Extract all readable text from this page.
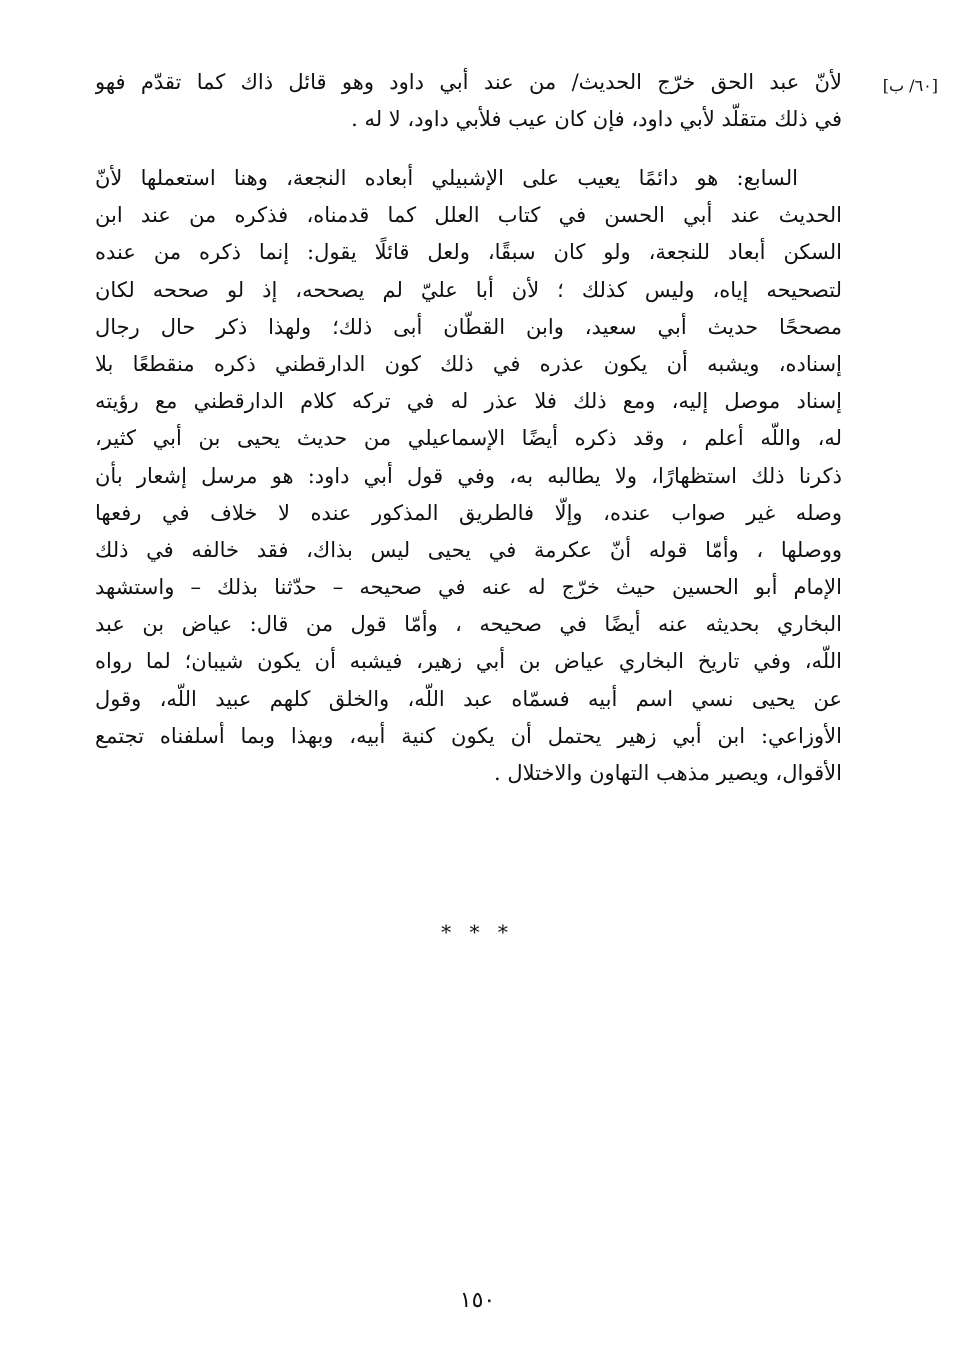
[٦٠/ ب]
لأنّ عبد الحق خرّج الحديث/ من عند أبي داود وهو قائل ذاك كما تقدّم فهو
في ذلك متقلّد لأبي داود، فإن كان عيب فلأبي داود، لا له .
السابع: هو دائمًا يعيب على الإشبيلي أبعاده النجعة، وهنا استعملها لأنّ
الحديث عند أبي الحسن في كتاب العلل كما قدمناه، فذكره من عند ابن
السكن أبعاد للنجعة، ولو كان سبقًا، ولعل قائلًا يقول: إنما ذكره من عنده
لتصحيحه إياه، وليس كذلك ؛ لأن أبا عليّ لم يصححه، إذ لو صححه لكان
مصححًا حديث أبي سعيد، وابن القطّان أبى ذلك؛ ولهذا ذكر حال رجال
إسناده، ويشبه أن يكون عذره في ذلك كون الدارقطني ذكره منقطعًا بلا
إسناد موصل إليه، ومع ذلك فلا عذر له في تركه كلام الدارقطني مع رؤيته
له، واللّه أعلم ، وقد ذكره أيضًا الإسماعيلي من حديث يحيى بن أبي كثير،
ذكرنا ذلك استظهارًا، ولا يطالبه به، وفي قول أبي داود: هو مرسل إشعار بأن
وصله غير صواب عنده، وإلّا فالطريق المذكور عنده لا خلاف في رفعها
ووصلها ، وأمّا قوله أنّ عكرمة في يحيى ليس بذاك، فقد خالفه في ذلك
الإمام أبو الحسين حيث خرّج له عنه في صحيحه – حدّثنا بذلك – واستشهد
البخاري بحديثه عنه أيضًا في صحيحه ، وأمّا قول من قال: عياض بن عبد
اللّه، وفي تاريخ البخاري عياض بن أبي زهير، فيشبه أن يكون شيبان؛ لما رواه
عن يحيى نسي اسم أبيه فسمّاه عبد اللّه، والخلق كلهم عبيد اللّه، وقول
الأوزاعي: ابن أبي زهير يحتمل أن يكون كنية أبيه، وبهذا وبما أسلفناه تجتمع
الأقوال، ويصير مذهب التهاون والاختلال .
* * *
١٥٠
